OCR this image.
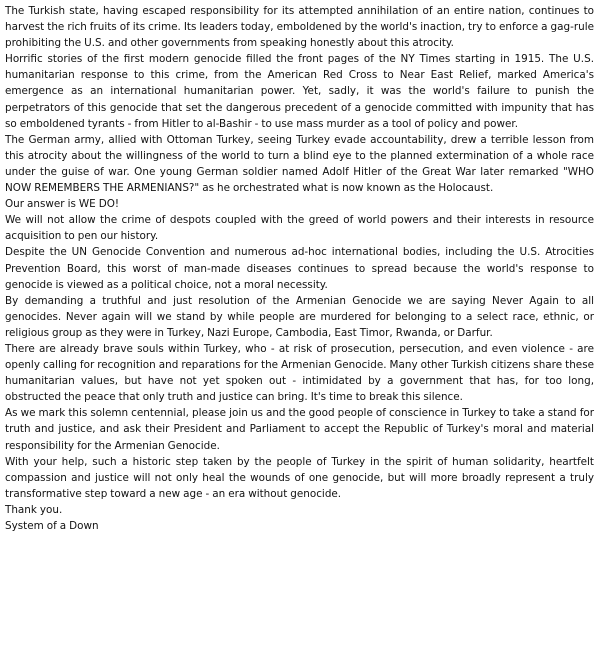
The Turkish state, having escaped responsibility for its attempted annihilation of an entire nation, continues to harvest the rich fruits of its crime. Its leaders today, emboldened by the world's inaction, try to enforce a gag-rule prohibiting the U.S. and other governments from speaking honestly about this atrocity.

Horrific stories of the first modern genocide filled the front pages of the NY Times starting in 1915. The U.S. humanitarian response to this crime, from the American Red Cross to Near East Relief, marked America's emergence as an international humanitarian power. Yet, sadly, it was the world's failure to punish the perpetrators of this genocide that set the dangerous precedent of a genocide committed with impunity that has so emboldened tyrants - from Hitler to al-Bashir - to use mass murder as a tool of policy and power.

The German army, allied with Ottoman Turkey, seeing Turkey evade accountability, drew a terrible lesson from this atrocity about the willingness of the world to turn a blind eye to the planned extermination of a whole race under the guise of war. One young German soldier named Adolf Hitler of the Great War later remarked "WHO NOW REMEMBERS THE ARMENIANS?" as he orchestrated what is now known as the Holocaust.

Our answer is WE DO!

We will not allow the crime of despots coupled with the greed of world powers and their interests in resource acquisition to pen our history.

Despite the UN Genocide Convention and numerous ad-hoc international bodies, including the U.S. Atrocities Prevention Board, this worst of man-made diseases continues to spread because the world's response to genocide is viewed as a political choice, not a moral necessity.

By demanding a truthful and just resolution of the Armenian Genocide we are saying Never Again to all genocides. Never again will we stand by while people are murdered for belonging to a select race, ethnic, or religious group as they were in Turkey, Nazi Europe, Cambodia, East Timor, Rwanda, or Darfur.

There are already brave souls within Turkey, who - at risk of prosecution, persecution, and even violence - are openly calling for recognition and reparations for the Armenian Genocide. Many other Turkish citizens share these humanitarian values, but have not yet spoken out - intimidated by a government that has, for too long, obstructed the peace that only truth and justice can bring. It's time to break this silence.

As we mark this solemn centennial, please join us and the good people of conscience in Turkey to take a stand for truth and justice, and ask their President and Parliament to accept the Republic of Turkey's moral and material responsibility for the Armenian Genocide.

With your help, such a historic step taken by the people of Turkey in the spirit of human solidarity, heartfelt compassion and justice will not only heal the wounds of one genocide, but will more broadly represent a truly transformative step toward a new age - an era without genocide.

Thank you.

System of a Down
